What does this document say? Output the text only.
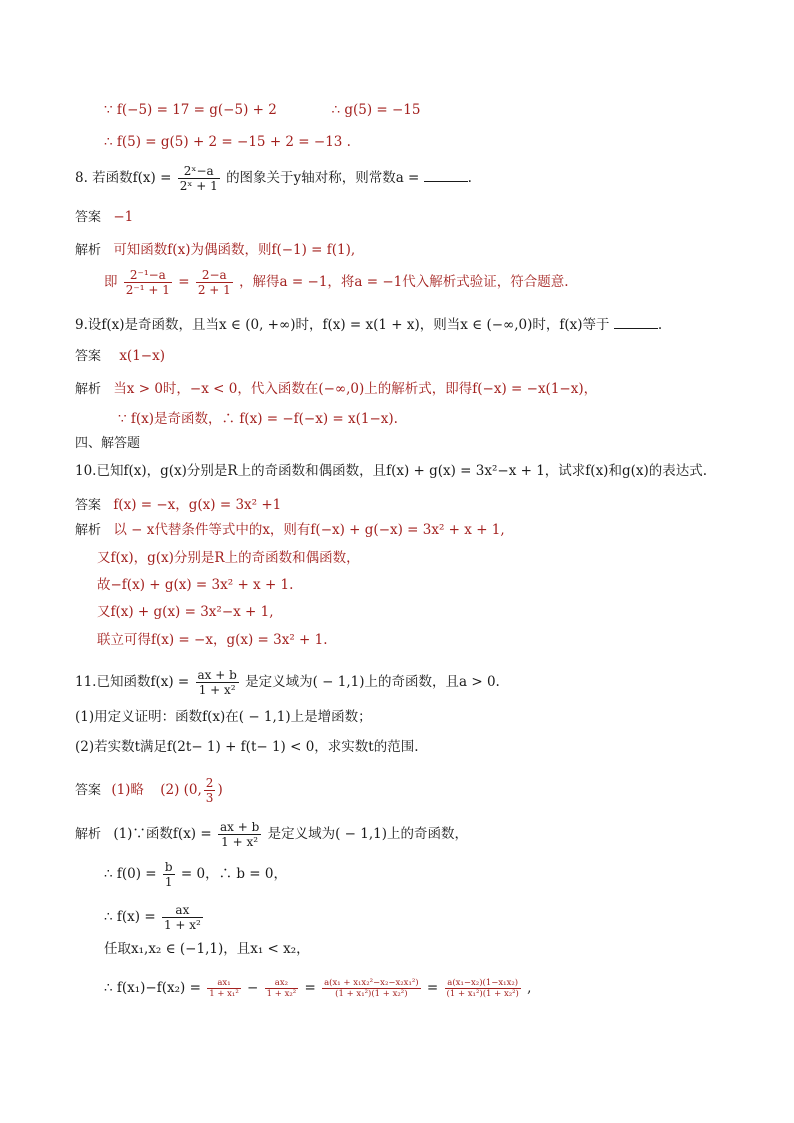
∵ f(−5) = 17 = g(−5) + 2	∴ g(5) = −15
∴ f(5) = g(5) + 2 = −15 + 2 = −13 .
8. 若函数$f(x) = \frac{\text{2ˣ−a}}{\text{2ˣ + 1}}$ 的图象关于y轴对称，则常数a =	.
答案 −1
解析 可知函数f(x)为偶函数，则f(−1) = f(1),
即 $\frac{\text{2⁻¹−a}}{\text{2⁻¹ + 1}} = \frac{2-a}{2 + 1}$ ，解得a = −1，将a = −1代入解析式验证，符合题意.
9.设f(x)是奇函数，且当x ∈ (0, +∞)时，f(x) = x(1 + x)，则当x ∈ (−∞,0)时，f(x)等于	.
答案 x(1−x)
解析 当x > 0时，−x < 0，代入函数在(−∞,0)上的解析式，即得f(−x) = −x(1−x)，
∵ f(x)是奇函数，∴ f(x) = −f(−x) = x(1−x).
四、解答题
10.已知f(x)，g(x)分别是R上的奇函数和偶函数，且f(x) + g(x) = 3x²−x + 1，试求f(x)和g(x)的表达式.
答案 f(x) = −x，g(x) = 3x² +1
解析 以 − x代替条件等式中的x，则有f(−x) + g(−x) = 3x² + x + 1,
又f(x)，g(x)分别是R上的奇函数和偶函数，
故−f(x) + g(x) = 3x² + x + 1.
又f(x) + g(x) = 3x²−x + 1,
联立可得f(x) = −x，g(x) = 3x² + 1.
11.已知函数$f(x) = \frac{ax + b}{\text{1 + x²}}$ 是定义域为( − 1,1)上的奇函数，且a > 0.
(1)用定义证明：函数f(x)在( − 1,1)上是增函数；
(2)若实数t满足f(2t− 1) + f(t− 1) < 0，求实数t的范围.
答案 (1)略 (2) (0, $\frac{2}{3}$ )
解析 (1)∵函数$f(x) = \frac{ax + b}{\text{1 + x²}}$ 是定义域为( − 1,1)上的奇函数，
∴ $f(0) = \frac{b}{1} = 0$，∴ b = 0，
∴ $f(x) = \frac{ax}{\text{1 + x²}}$
任取x₁,x₂ ∈ (−1,1)，且x₁ < x₂，
∴ $f(x_1)-f(x_2) = \frac{\text{ax₁}}{\text{1 + x₁²}} - \frac{\text{ax₂}}{\text{1 + x₂²}} = \frac{\text{a(x₁ + x₁x₂²−x₂−x₂x₁²)}}{\text{(1 + x₁²)(1 + x₂²)}} = \frac{\text{a(x₁−x₂)(1−x₁x₂)}}{\text{(1 + x₁²)(1 + x₂²)}}$ ,
